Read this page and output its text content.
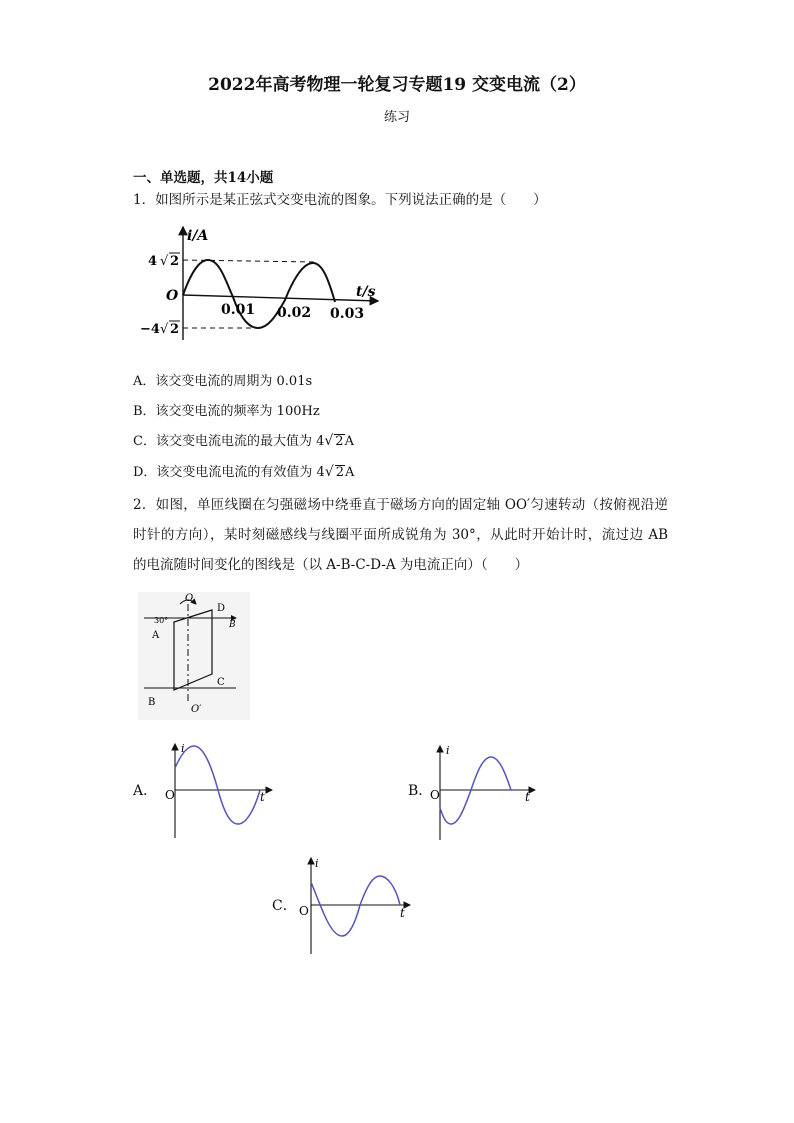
2022年高考物理一轮复习专题19 交变电流（2）
练习
一、单选题，共14小题
1．如图所示是某正弦式交变电流的图象。下列说法正确的是（　　）
i/A
t/s
O
4 √ 2
−4 √ 2
0.01 0.02 0.03
A．该交变电流的周期为 0.01s
B．该交变电流的频率为 100Hz
C．该交变电流电流的最大值为 4√ 2A
D．该交变电流电流的有效值为 4√ 2A
2．如图，单匝线圈在匀强磁场中绕垂直于磁场方向的固定轴 OO′匀速转动（按俯视沿逆时针的方向），某时刻磁感线与线圈平面所成锐角为 30°，从此时开始计时，流过边 AB 的电流随时间变化的图线是（以 A-B-C-D-A 为电流正向）（　　）
O
O′
30°
A
B
C
D
B
A．
i
O	t	B．
i
O	t
C．
i
O	t
